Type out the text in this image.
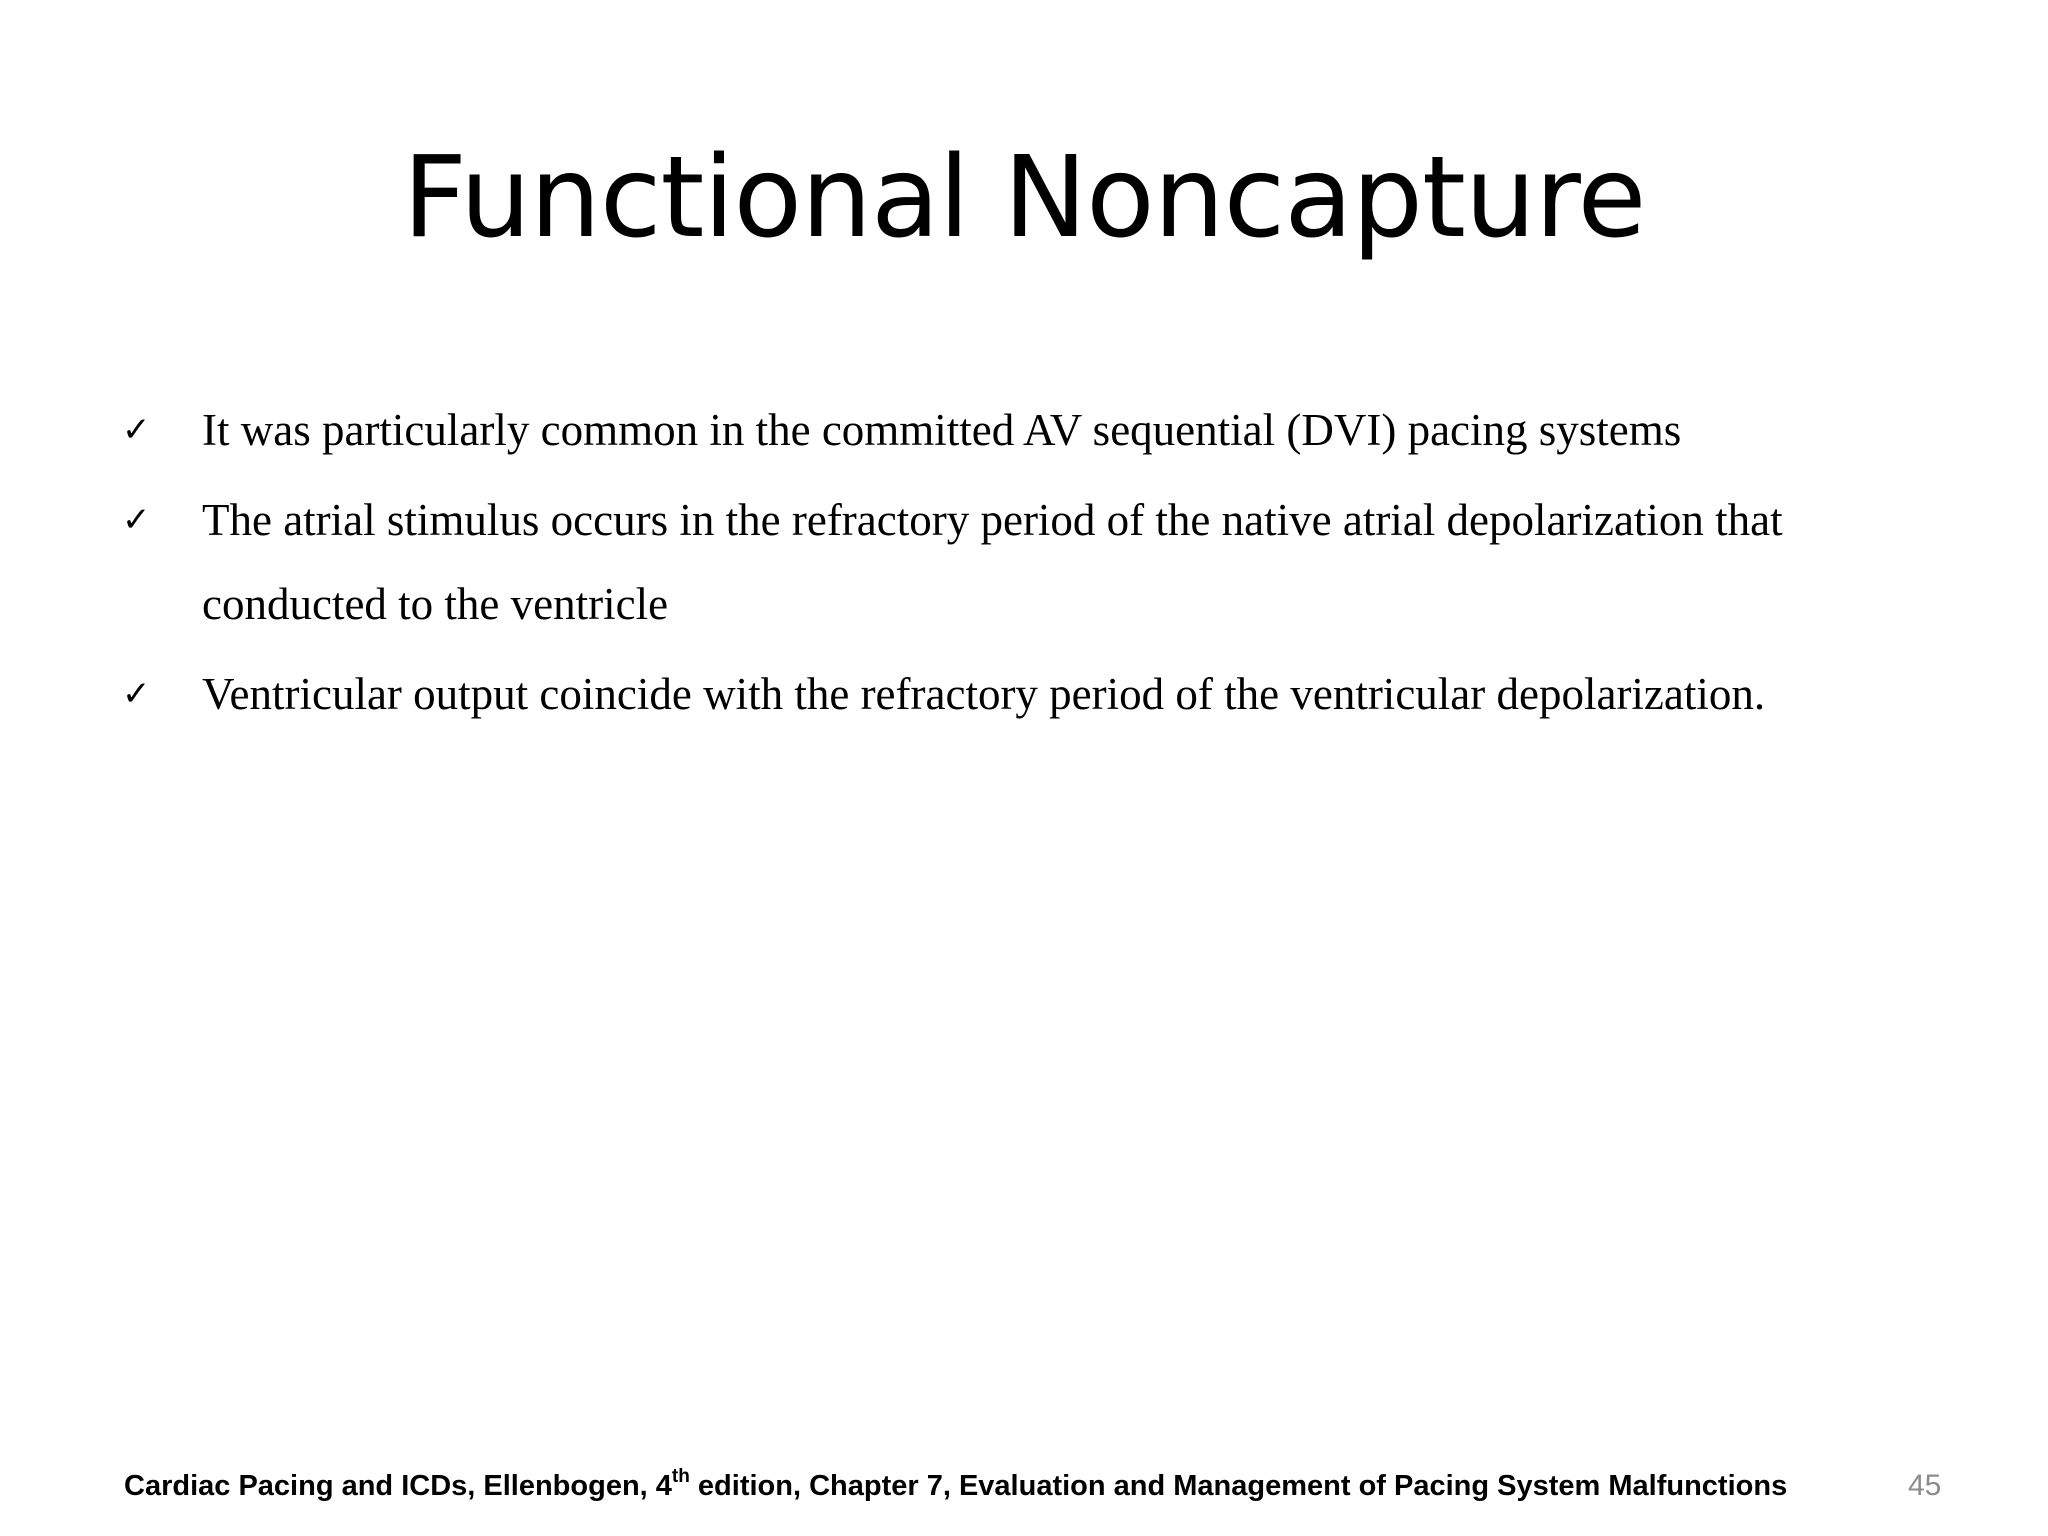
Functional Noncapture
✓ It was particularly common in the committed AV sequential (DVI) pacing systems
✓ The atrial stimulus occurs in the refractory period of the native atrial depolarization that conducted to the ventricle
✓ Ventricular output coincide with the refractory period of the ventricular depolarization.
Cardiac Pacing and ICDs, Ellenbogen, 4th edition, Chapter 7, Evaluation and Management of Pacing System Malfunctions	45
